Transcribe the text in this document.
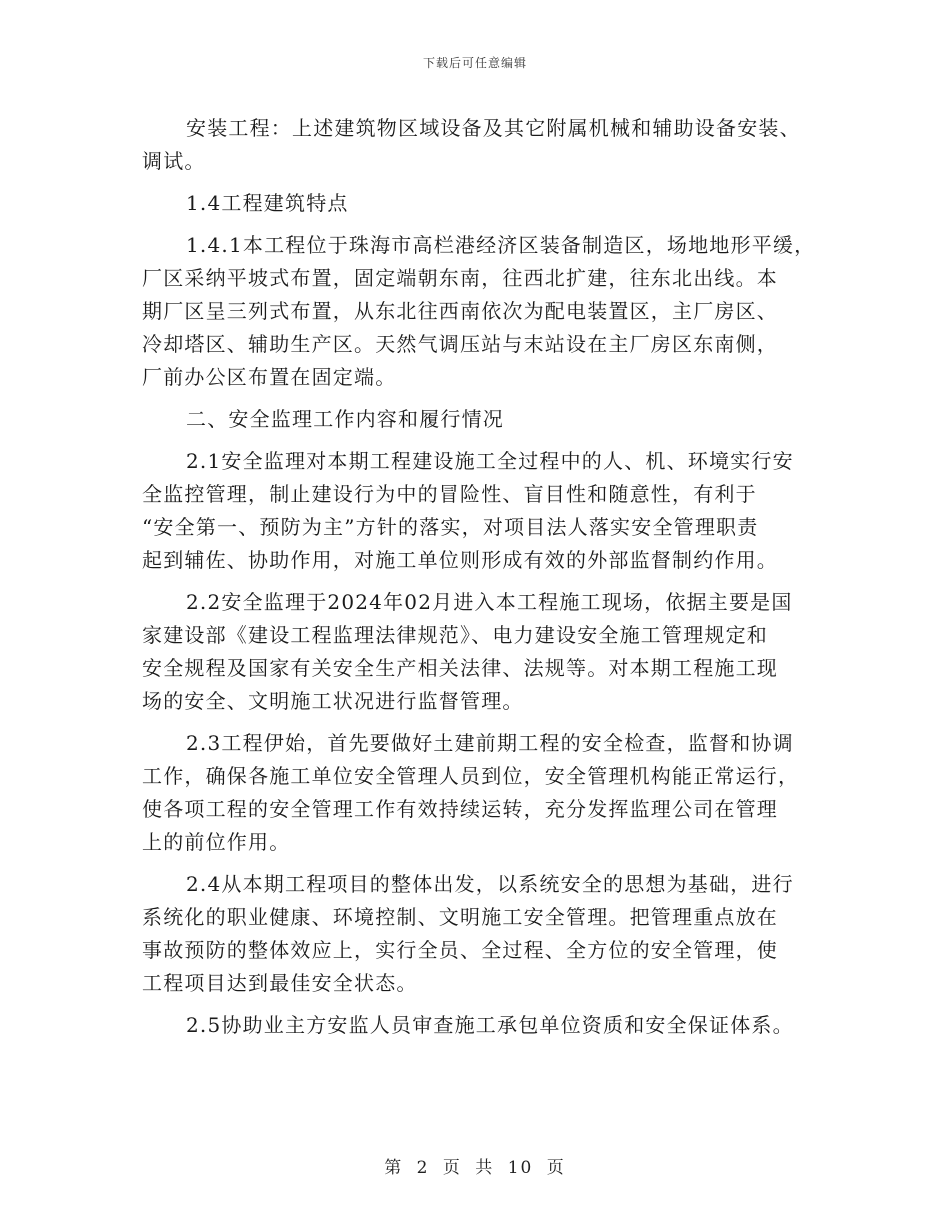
下载后可任意编辑
安装工程：上述建筑物区域设备及其它附属机械和辅助设备安装、
调试。
1.4工程建筑特点
1.4.1本工程位于珠海市高栏港经济区装备制造区，场地地形平缓，
厂区采纳平坡式布置，固定端朝东南，往西北扩建，往东北出线。本
期厂区呈三列式布置，从东北往西南依次为配电装置区，主厂房区、
冷却塔区、辅助生产区。天然气调压站与末站设在主厂房区东南侧，
厂前办公区布置在固定端。
二、安全监理工作内容和履行情况
2.1安全监理对本期工程建设施工全过程中的人、机、环境实行安
全监控管理，制止建设行为中的冒险性、盲目性和随意性，有利于
“安全第一、预防为主”方针的落实，对项目法人落实安全管理职责
起到辅佐、协助作用，对施工单位则形成有效的外部监督制约作用。
2.2安全监理于2024年02月进入本工程施工现场，依据主要是国
家建设部《建设工程监理法律规范》、电力建设安全施工管理规定和
安全规程及国家有关安全生产相关法律、法规等。对本期工程施工现
场的安全、文明施工状况进行监督管理。
2.3工程伊始，首先要做好土建前期工程的安全检查，监督和协调
工作，确保各施工单位安全管理人员到位，安全管理机构能正常运行，
使各项工程的安全管理工作有效持续运转，充分发挥监理公司在管理
上的前位作用。
2.4从本期工程项目的整体出发，以系统安全的思想为基础，进行
系统化的职业健康、环境控制、文明施工安全管理。把管理重点放在
事故预防的整体效应上，实行全员、全过程、全方位的安全管理，使
工程项目达到最佳安全状态。
2.5协助业主方安监人员审查施工承包单位资质和安全保证体系。
第 2 页 共 10 页
